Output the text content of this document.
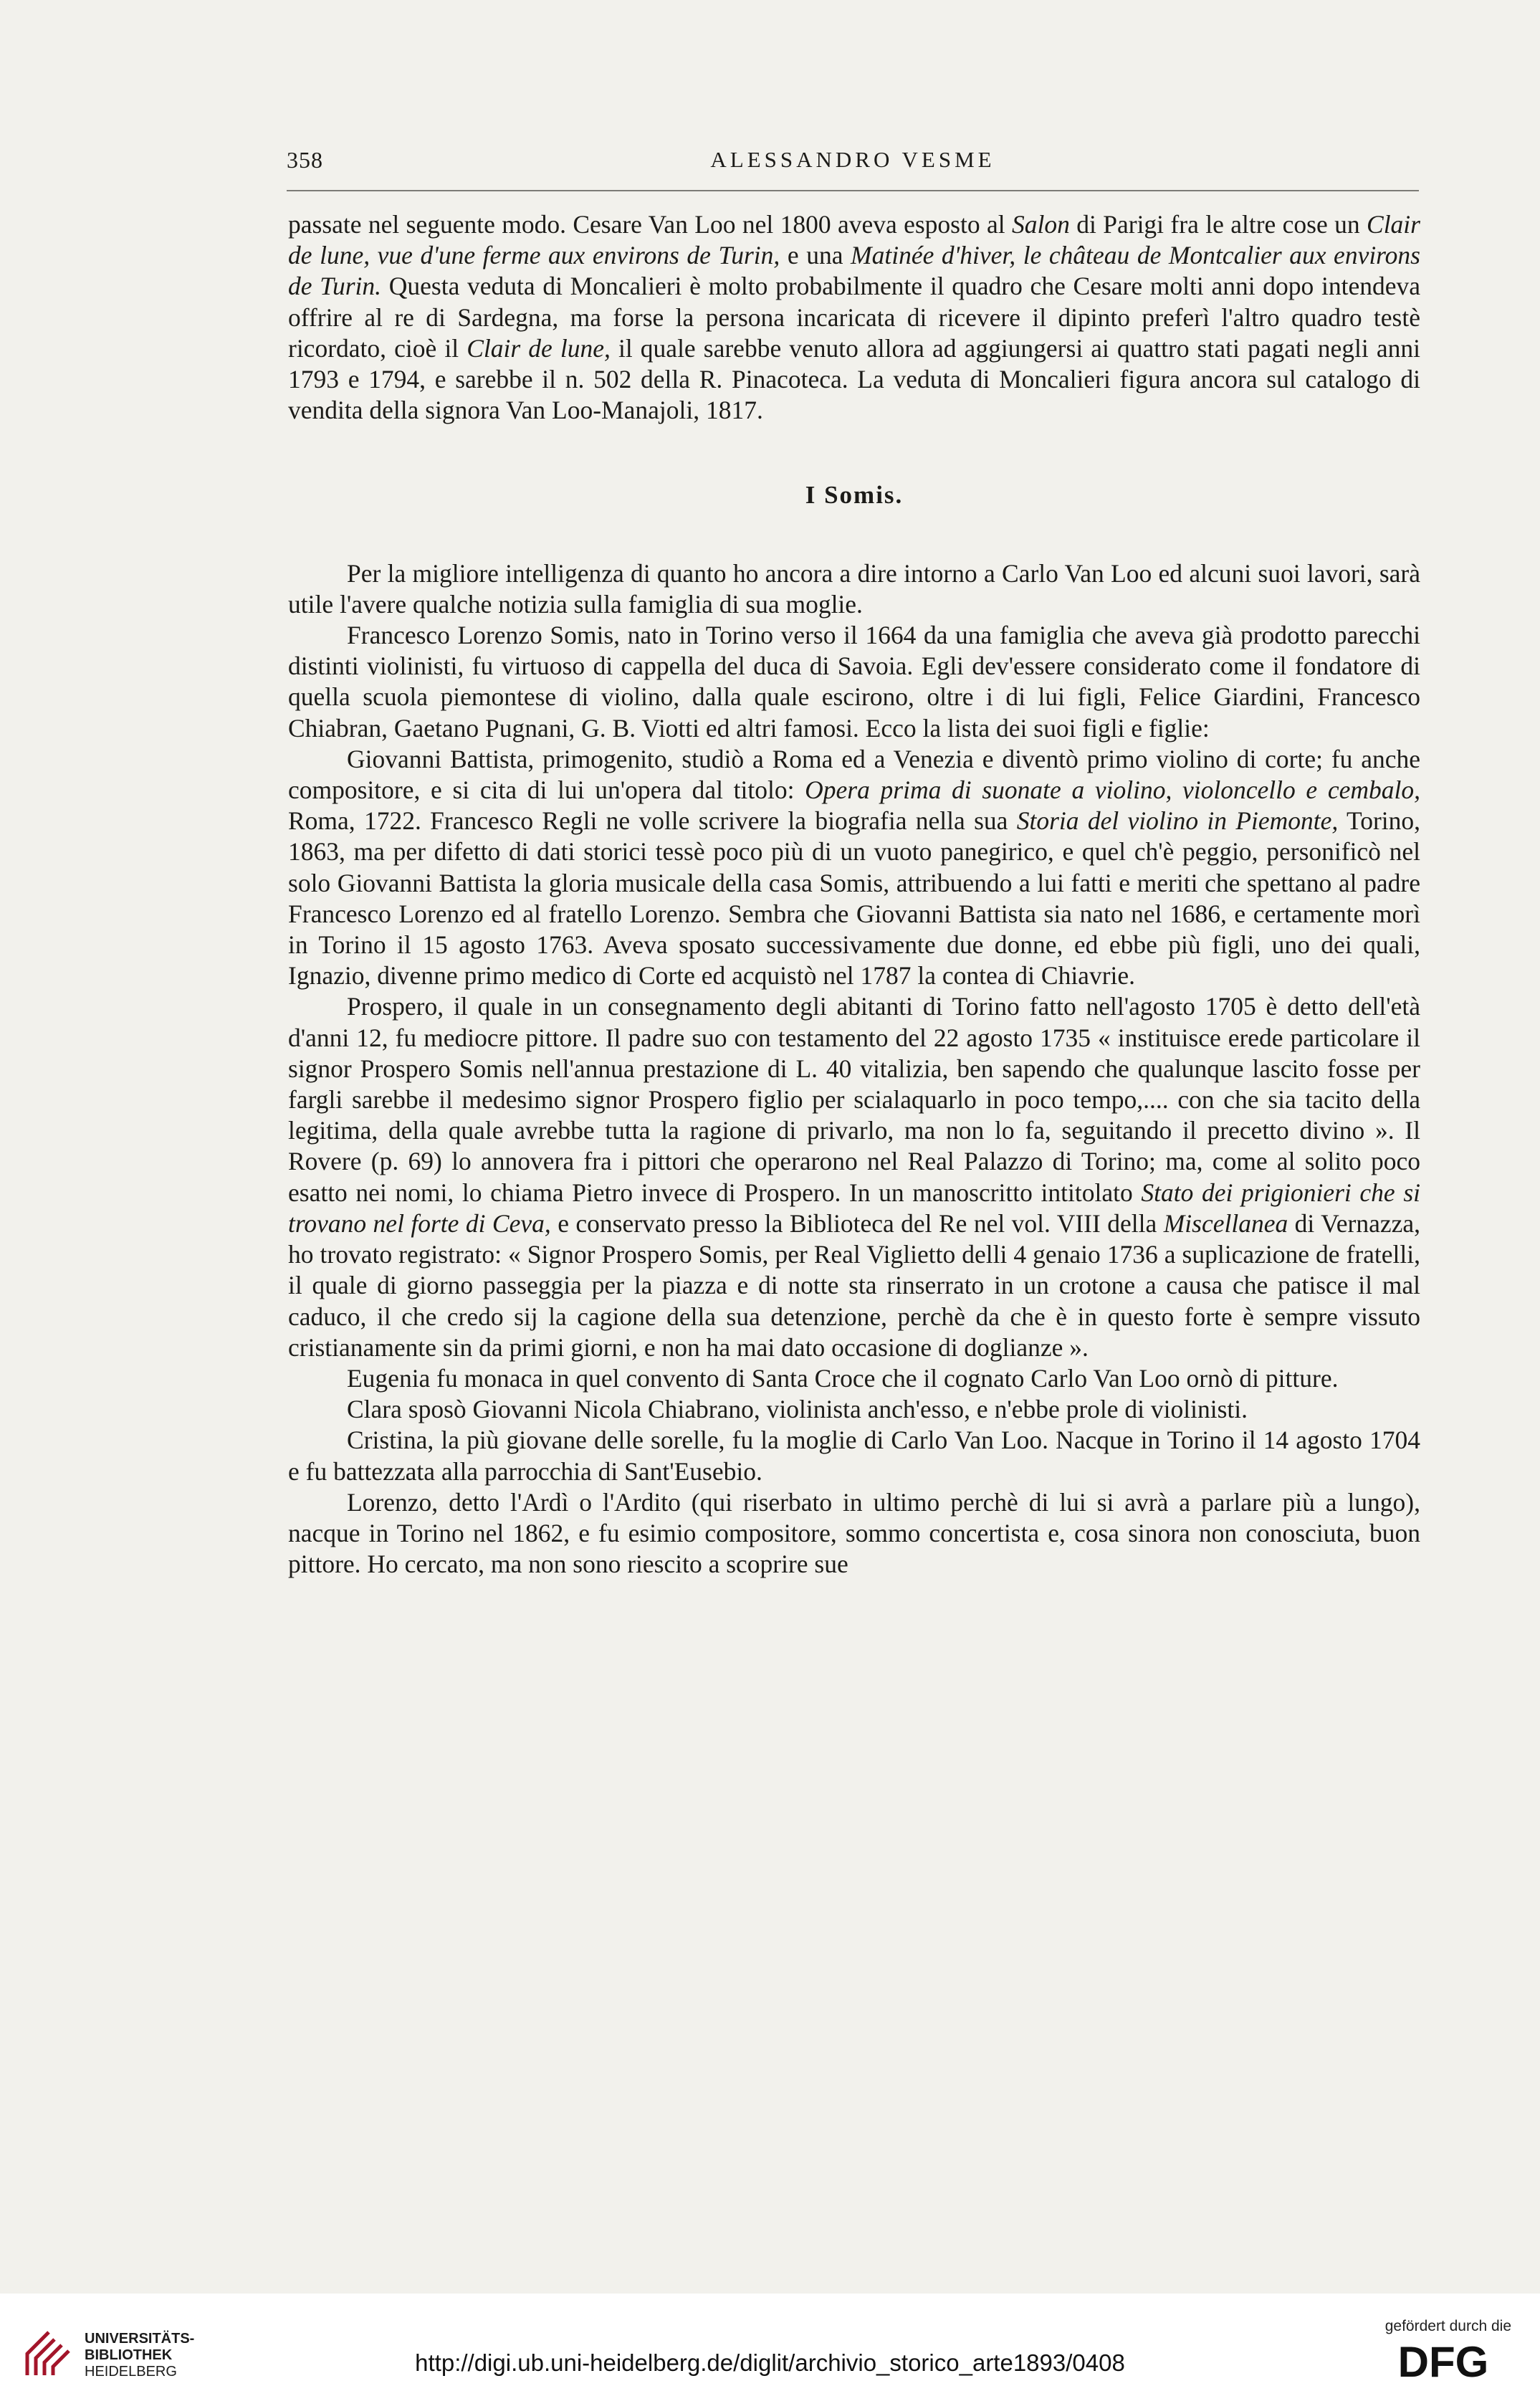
358	ALESSANDRO VESME

passate nel seguente modo. Cesare Van Loo nel 1800 aveva esposto al Salon di Parigi fra le altre cose un Clair de lune, vue d'une ferme aux environs de Turin, e una Matinée d'hiver, le château de Montcalier aux environs de Turin. Questa veduta di Moncalieri è molto probabilmente il quadro che Cesare molti anni dopo intendeva offrire al re di Sardegna, ma forse la persona incaricata di ricevere il dipinto preferì l'altro quadro testè ricordato, cioè il Clair de lune, il quale sarebbe venuto allora ad aggiungersi ai quattro stati pagati negli anni 1793 e 1794, e sarebbe il n. 502 della R. Pinacoteca. La veduta di Moncalieri figura ancora sul catalogo di vendita della signora Van Loo-Manajoli, 1817.

I Somis.

Per la migliore intelligenza di quanto ho ancora a dire intorno a Carlo Van Loo ed alcuni suoi lavori, sarà utile l'avere qualche notizia sulla famiglia di sua moglie.

Francesco Lorenzo Somis, nato in Torino verso il 1664 da una famiglia che aveva già prodotto parecchi distinti violinisti, fu virtuoso di cappella del duca di Savoia. Egli dev'essere considerato come il fondatore di quella scuola piemontese di violino, dalla quale escirono, oltre i di lui figli, Felice Giardini, Francesco Chiabran, Gaetano Pugnani, G. B. Viotti ed altri famosi. Ecco la lista dei suoi figli e figlie:

Giovanni Battista, primogenito, studiò a Roma ed a Venezia e diventò primo violino di corte; fu anche compositore, e si cita di lui un'opera dal titolo: Opera prima di suonate a violino, violoncello e cembalo, Roma, 1722. Francesco Regli ne volle scrivere la biografia nella sua Storia del violino in Piemonte, Torino, 1863, ma per difetto di dati storici tessè poco più di un vuoto panegirico, e quel ch'è peggio, personificò nel solo Giovanni Battista la gloria musicale della casa Somis, attribuendo a lui fatti e meriti che spettano al padre Francesco Lorenzo ed al fratello Lorenzo. Sembra che Giovanni Battista sia nato nel 1686, e certamente morì in Torino il 15 agosto 1763. Aveva sposato successivamente due donne, ed ebbe più figli, uno dei quali, Ignazio, divenne primo medico di Corte ed acquistò nel 1787 la contea di Chiavrie.

Prospero, il quale in un consegnamento degli abitanti di Torino fatto nell'agosto 1705 è detto dell'età d'anni 12, fu mediocre pittore. Il padre suo con testamento del 22 agosto 1735 « instituisce erede particolare il signor Prospero Somis nell'annua prestazione di L. 40 vitalizia, ben sapendo che qualunque lascito fosse per fargli sarebbe il medesimo signor Prospero figlio per scialaquarlo in poco tempo,.... con che sia tacito della legitima, della quale avrebbe tutta la ragione di privarlo, ma non lo fa, seguitando il precetto divino ». Il Rovere (p. 69) lo annovera fra i pittori che operarono nel Real Palazzo di Torino; ma, come al solito poco esatto nei nomi, lo chiama Pietro invece di Prospero. In un manoscritto intitolato Stato dei prigionieri che si trovano nel forte di Ceva, e conservato presso la Biblioteca del Re nel vol. VIII della Miscellanea di Vernazza, ho trovato registrato: « Signor Prospero Somis, per Real Viglietto delli 4 genaio 1736 a suplicazione de fratelli, il quale di giorno passeggia per la piazza e di notte sta rinserrato in un crotone a causa che patisce il mal caduco, il che credo sij la cagione della sua detenzione, perchè da che è in questo forte è sempre vissuto cristianamente sin da primi giorni, e non ha mai dato occasione di doglianze ».

Eugenia fu monaca in quel convento di Santa Croce che il cognato Carlo Van Loo ornò di pitture.

Clara sposò Giovanni Nicola Chiabrano, violinista anch'esso, e n'ebbe prole di violinisti.

Cristina, la più giovane delle sorelle, fu la moglie di Carlo Van Loo. Nacque in Torino il 14 agosto 1704 e fu battezzata alla parrocchia di Sant'Eusebio.

Lorenzo, detto l'Ardì o l'Ardito (qui riserbato in ultimo perchè di lui si avrà a parlare più a lungo), nacque in Torino nel 1862, e fu esimio compositore, sommo concertista e, cosa sinora non conosciuta, buon pittore. Ho cercato, ma non sono riescito a scoprire sue

UNIVERSITÄTS-
BIBLIOTHEK
HEIDELBERG	http://digi.ub.uni-heidelberg.de/diglit/archivio_storico_arte1893/0408
gefördert durch die
DFG
